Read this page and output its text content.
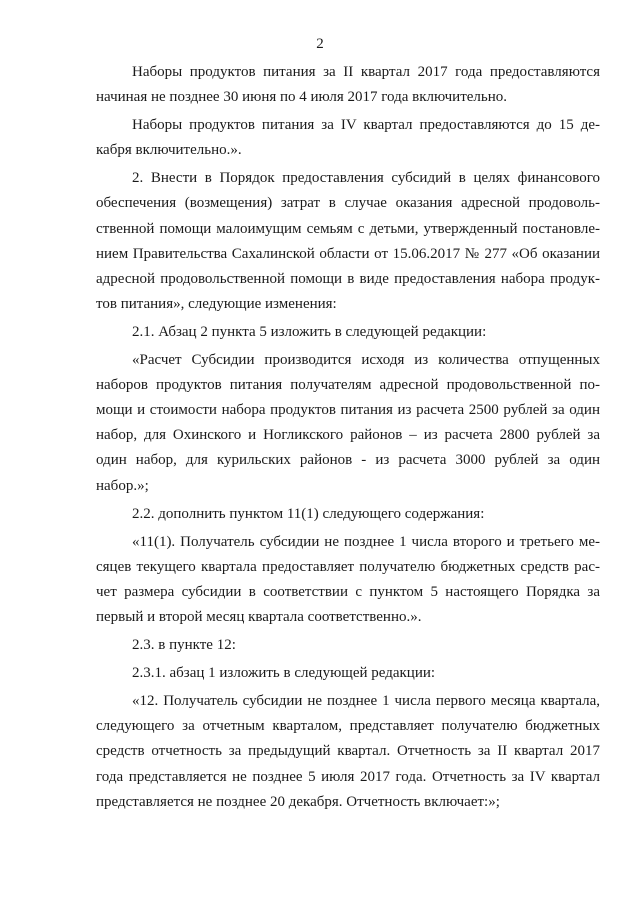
2
Наборы продуктов питания за II квартал 2017 года предоставляются
начиная не позднее 30 июня по 4 июля 2017 года включительно.
Наборы продуктов питания за IV квартал предоставляются до 15 де-
кабря включительно.».
2. Внести в Порядок предоставления субсидий в целях финансового
обеспечения (возмещения) затрат в случае оказания адресной продоволь-
ственной помощи малоимущим семьям с детьми, утвержденный постановле-
нием Правительства Сахалинской области от 15.06.2017 № 277 «Об оказании
адресной продовольственной помощи в виде предоставления набора продук-
тов питания», следующие изменения:
2.1. Абзац 2 пункта 5 изложить в следующей редакции:
«Расчет Субсидии производится исходя из количества отпущенных
наборов продуктов питания получателям адресной продовольственной по-
мощи и стоимости набора продуктов питания из расчета 2500 рублей за один
набор, для Охинского и Ногликского районов – из расчета 2800 рублей за
один набор, для курильских районов - из расчета 3000 рублей за один
набор.»;
2.2. дополнить пунктом 11(1) следующего содержания:
«11(1). Получатель субсидии не позднее 1 числа второго и третьего ме-
сяцев текущего квартала предоставляет получателю бюджетных средств рас-
чет размера субсидии в соответствии с пунктом 5 настоящего Порядка за
первый и второй месяц квартала соответственно.».
2.3. в пункте 12:
2.3.1. абзац 1 изложить в следующей редакции:
«12. Получатель субсидии не позднее 1 числа первого месяца квартала,
следующего за отчетным кварталом, представляет получателю бюджетных
средств отчетность за предыдущий квартал. Отчетность за II квартал 2017
года представляется не позднее 5 июля 2017 года. Отчетность за IV квартал
представляется не позднее 20 декабря. Отчетность включает:»;
